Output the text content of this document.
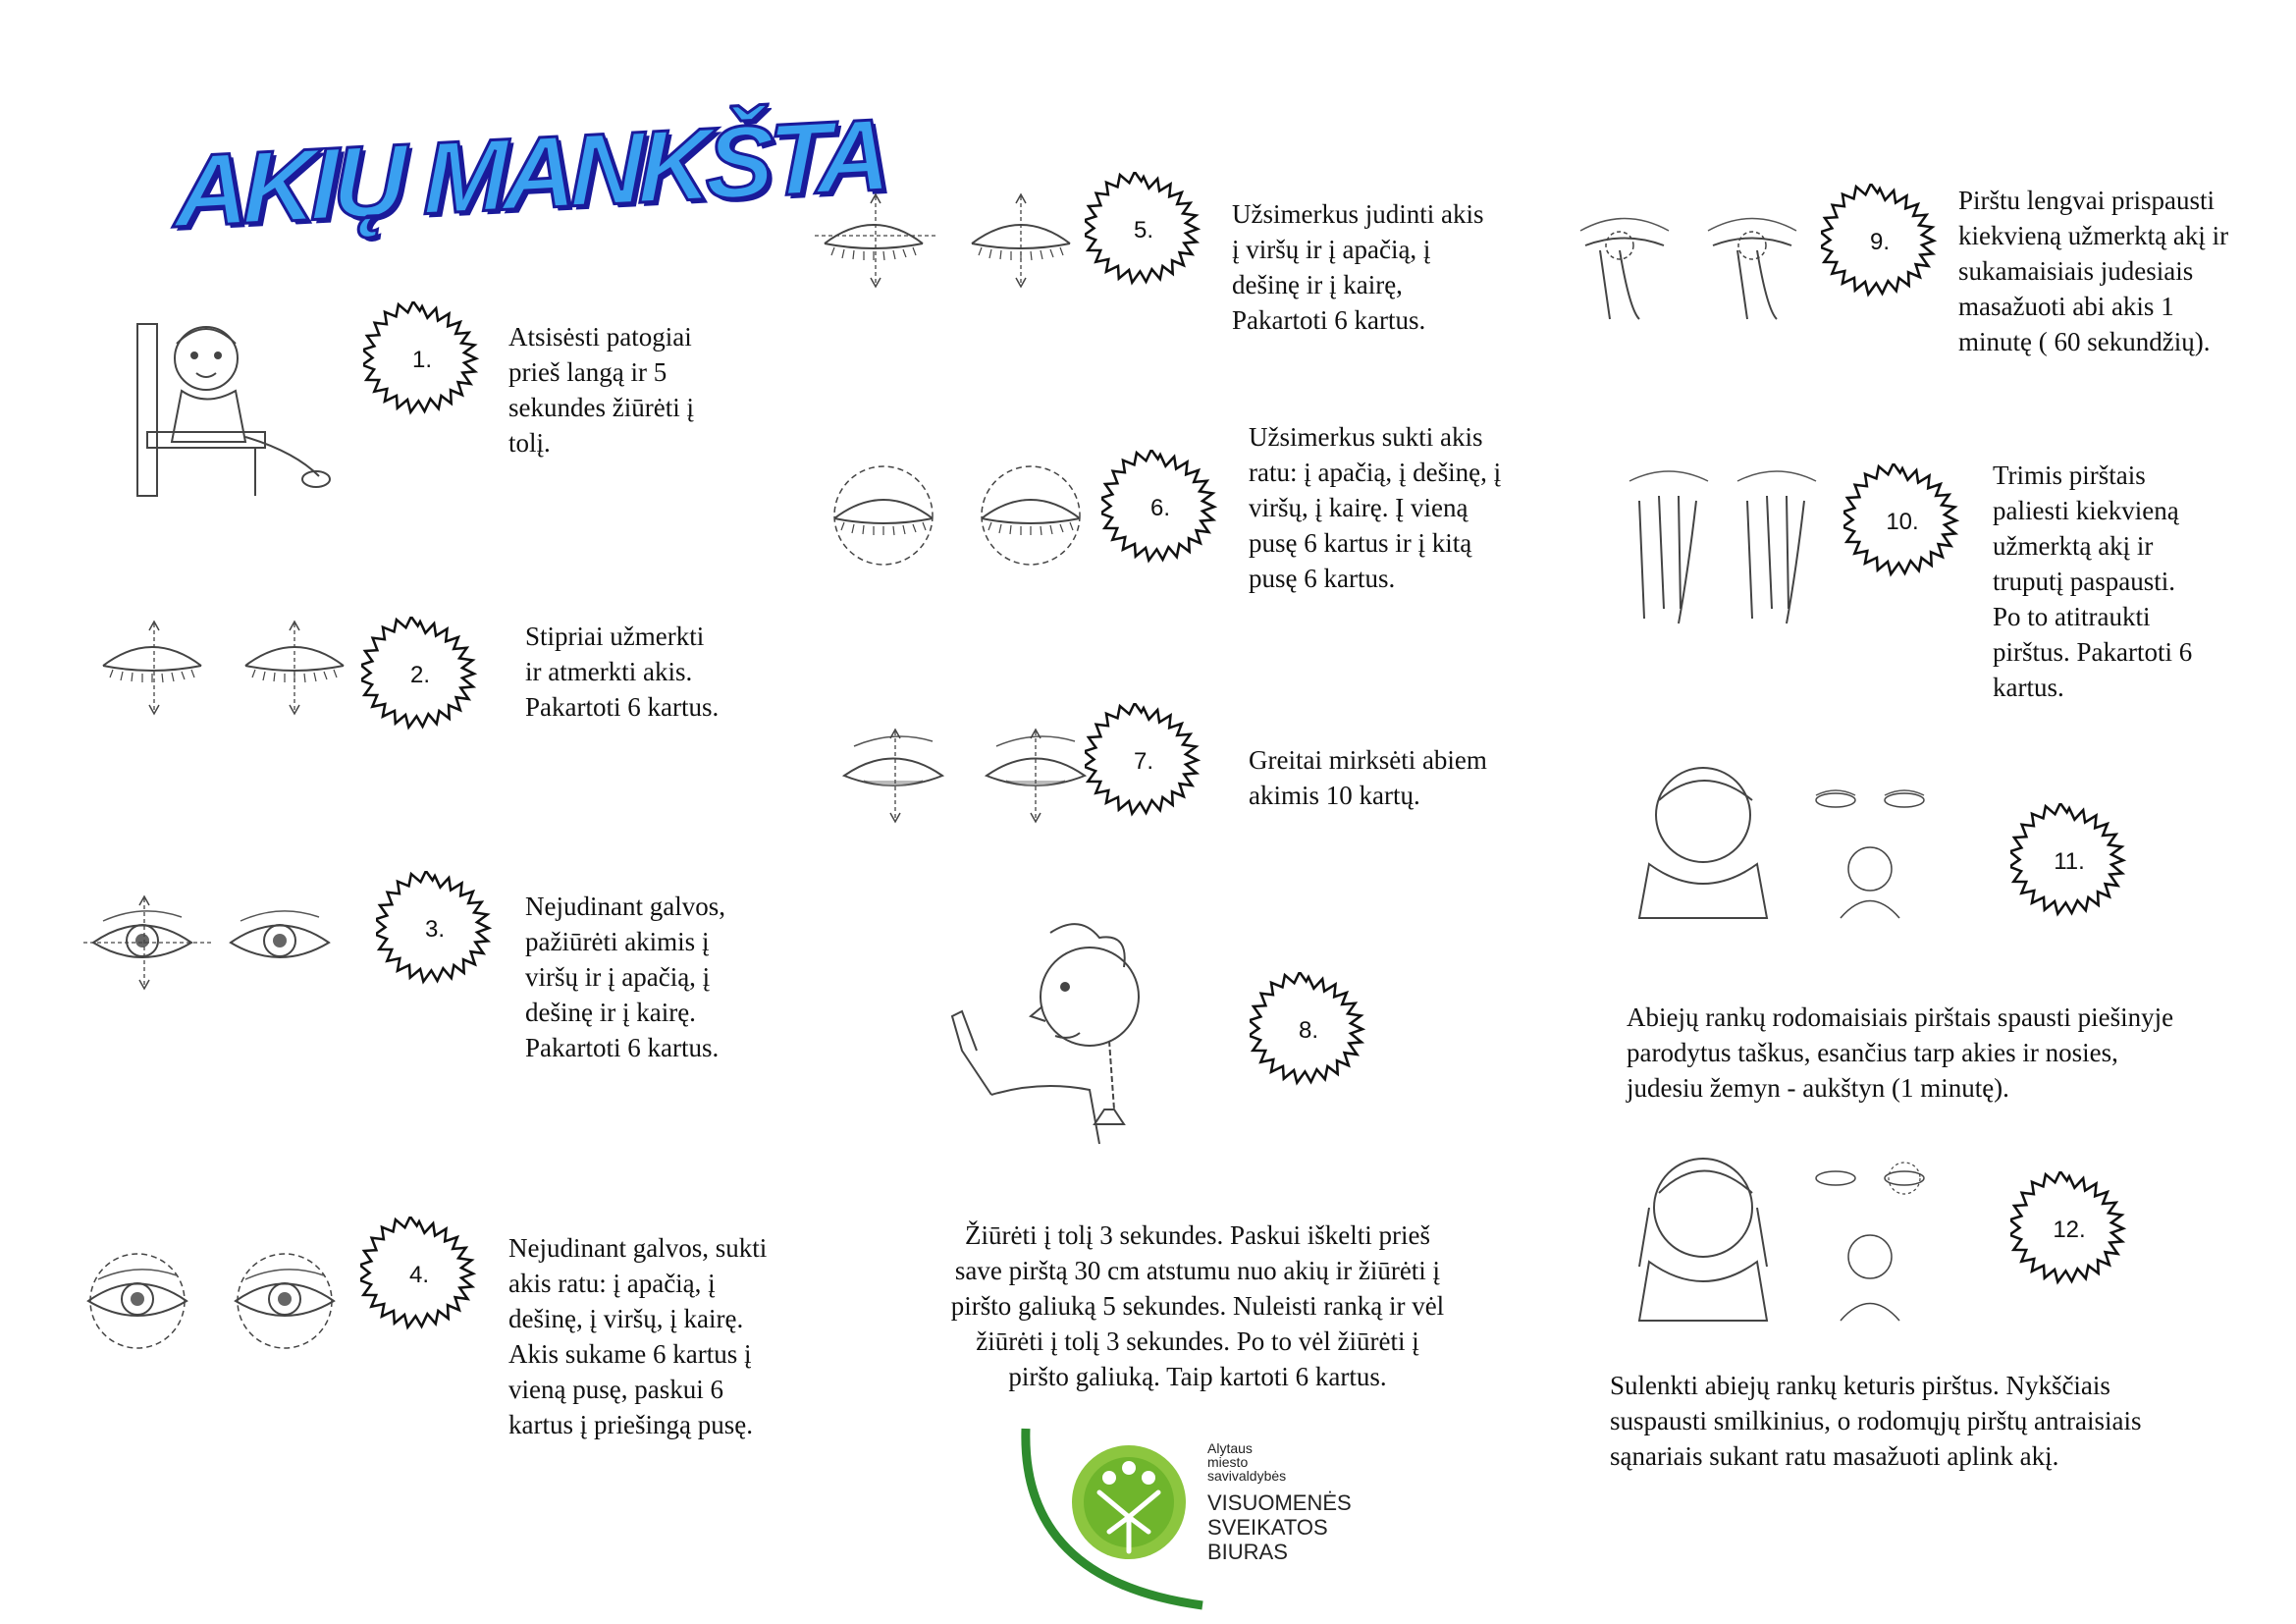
AKIŲ MANKŠTA
1.
2.
3.
4.
5.
6.
7.
8.
9.
10.
11.
12.
Atsisėsti patogiai
prieš langą ir 5
sekundes žiūrėti į
tolį.
Stipriai užmerkti
ir atmerkti akis.
Pakartoti 6 kartus.
Nejudinant galvos,
pažiūrėti akimis į
viršų ir į apačią, į
dešinę ir į kairę.
Pakartoti 6 kartus.
Nejudinant galvos, sukti
akis ratu: į apačią, į
dešinę, į viršų, į kairę.
Akis sukame 6 kartus į
vieną pusę, paskui 6
kartus į priešingą pusę.
Užsimerkus judinti akis
į viršų ir į apačią, į
dešinę ir į kairę,
Pakartoti 6 kartus.
Užsimerkus sukti akis
ratu: į apačią, į dešinę, į
viršų, į kairę. Į vieną
pusę 6 kartus ir į kitą
pusę 6 kartus.
Greitai mirksėti abiem
akimis 10 kartų.
Žiūrėti į tolį 3 sekundes. Paskui iškelti prieš
save pirštą 30 cm atstumu nuo akių ir žiūrėti į
piršto galiuką 5 sekundes. Nuleisti ranką ir vėl
žiūrėti į tolį 3 sekundes. Po to vėl žiūrėti į
piršto galiuką. Taip kartoti 6 kartus.
Pirštu lengvai prispausti
kiekvieną užmerktą akį ir
sukamaisiais judesiais
masažuoti abi akis 1
minutę ( 60 sekundžių).
Trimis pirštais
paliesti kiekvieną
užmerktą akį ir
truputį paspausti.
Po to atitraukti
pirštus. Pakartoti 6
kartus.
Abiejų rankų rodomaisiais pirštais spausti piešinyje
parodytus taškus, esančius tarp akies ir nosies,
judesiu žemyn - aukštyn (1 minutę).
Sulenkti abiejų rankų keturis pirštus. Nykščiais
suspausti smilkinius, o rodomųjų pirštų antraisiais
sąnariais sukant ratu masažuoti aplink akį.
Alytaus
miesto
savivaldybės
VISUOMENĖS
SVEIKATOS
BIURAS
